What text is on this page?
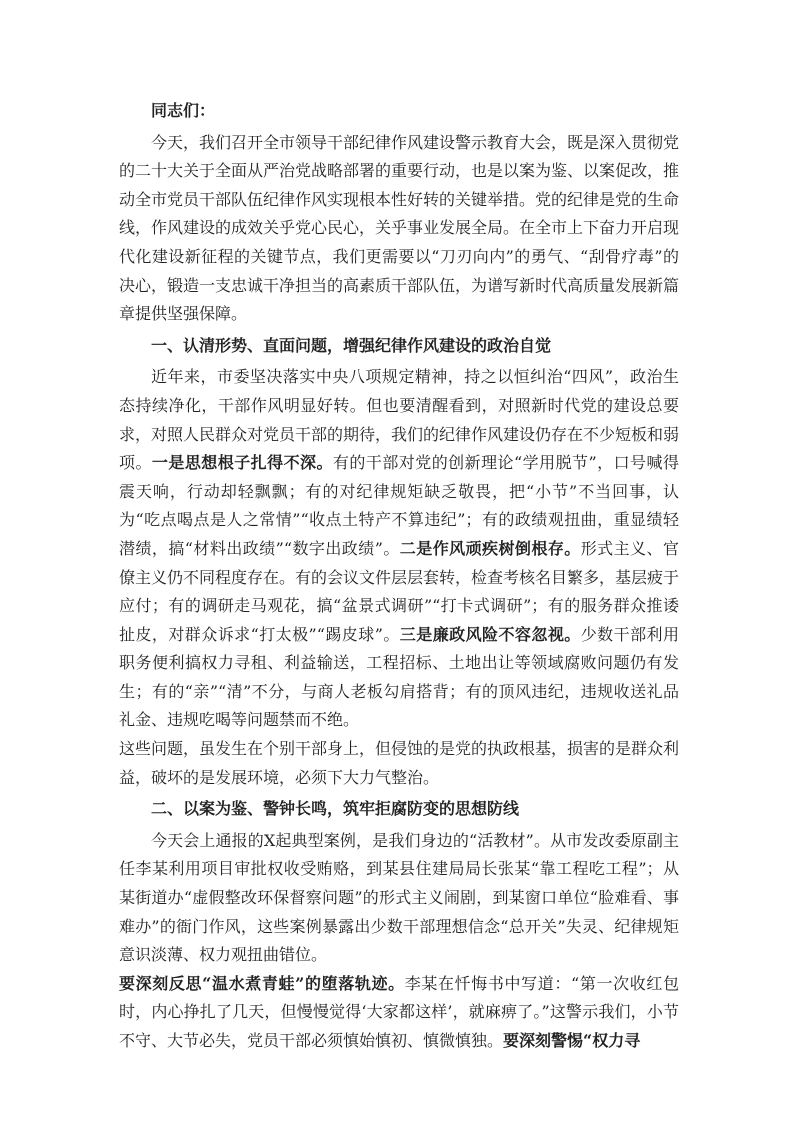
同志们：

今天，我们召开全市领导干部纪律作风建设警示教育大会，既是深入贯彻党的二十大关于全面从严治党战略部署的重要行动，也是以案为鉴、以案促改，推动全市党员干部队伍纪律作风实现根本性好转的关键举措。党的纪律是党的生命线，作风建设的成效关乎党心民心，关乎事业发展全局。在全市上下奋力开启现代化建设新征程的关键节点，我们更需要以“刀刃向内”的勇气、“刮骨疗毒”的决心，锻造一支忠诚干净担当的高素质干部队伍，为谱写新时代高质量发展新篇章提供坚强保障。

一、认清形势、直面问题，增强纪律作风建设的政治自觉

近年来，市委坚决落实中央八项规定精神，持之以恒纠治“四风”，政治生态持续净化，干部作风明显好转。但也要清醒看到，对照新时代党的建设总要求，对照人民群众对党员干部的期待，我们的纪律作风建设仍存在不少短板和弱项。一是思想根子扎得不深。有的干部对党的创新理论“学用脱节”，口号喊得震天响，行动却轻飘飘；有的对纪律规矩缺乏敬畏，把“小节”不当回事，认为“吃点喝点是人之常情”“收点土特产不算违纪”；有的政绩观扭曲，重显绩轻潜绩，搞“材料出政绩”“数字出政绩”。二是作风顽疾树倒根存。形式主义、官僚主义仍不同程度存在。有的会议文件层层套转，检查考核名目繁多，基层疲于应付；有的调研走马观花，搞“盆景式调研”“打卡式调研”；有的服务群众推诿扯皮，对群众诉求“打太极”“踢皮球”。三是廉政风险不容忽视。少数干部利用职务便利搞权力寻租、利益输送，工程招标、土地出让等领域腐败问题仍有发生；有的“亲”“清”不分，与商人老板勾肩搭背；有的顶风违纪，违规收送礼品礼金、违规吃喝等问题禁而不绝。

这些问题，虽发生在个别干部身上，但侵蚀的是党的执政根基，损害的是群众利益，破坏的是发展环境，必须下大力气整治。

二、以案为鉴、警钟长鸣，筑牢拒腐防变的思想防线

今天会上通报的X起典型案例，是我们身边的“活教材”。从市发改委原副主任李某利用项目审批权收受贿赂，到某县住建局局长张某“靠工程吃工程”；从某街道办“虚假整改环保督察问题”的形式主义闹剧，到某窗口单位“脸难看、事难办”的衙门作风，这些案例暴露出少数干部理想信念“总开关”失灵、纪律规矩意识淡薄、权力观扭曲错位。

要深刻反思“温水煮青蛙”的堕落轨迹。李某在忏悔书中写道：“第一次收红包时，内心挣扎了几天，但慢慢觉得‘大家都这样’，就麻痹了。”这警示我们，小节不守、大节必失，党员干部必须慎始慎初、慎微慎独。要深刻警惕“权力寻
